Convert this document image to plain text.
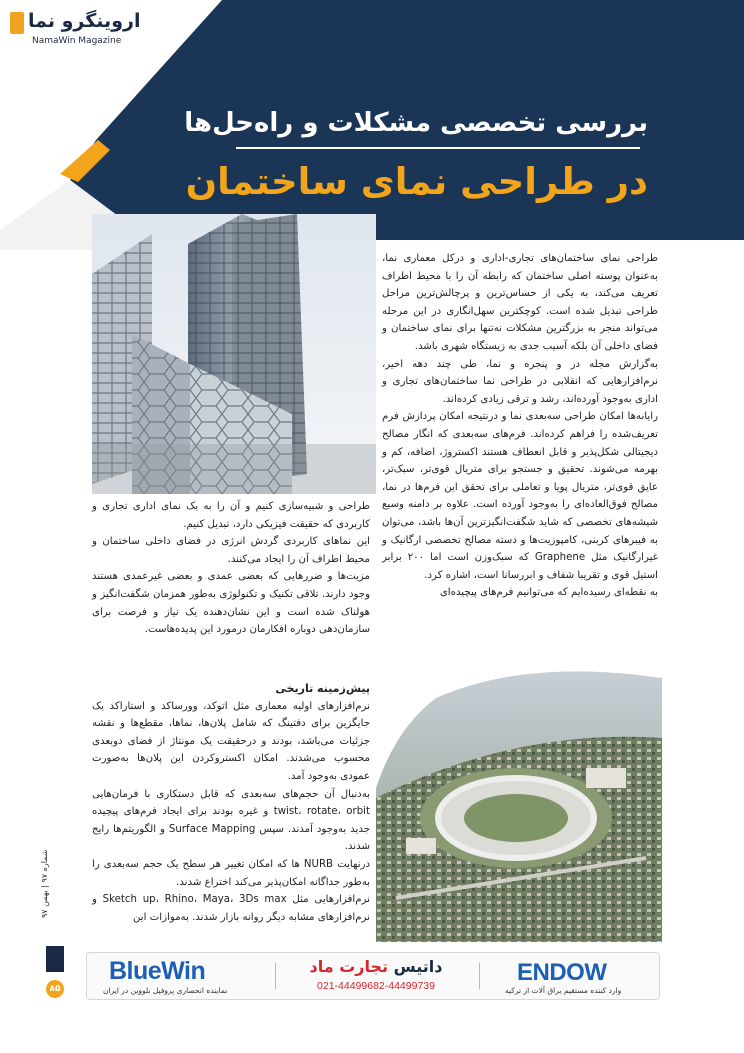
اروینگرو نما
NamaWin Magazine
بررسی تخصصی مشکلات و راه‌حل‌ها
در طراحی نمای ساختمان

طراحی نمای ساختمان‌های تجاری-اداری و درکل معماری نما، به‌عنوان پوسته اصلی ساختمان که رابطه آن را با محیط اطراف تعریف می‌کند، به یکی از حساس‌ترین و پرچالش‌ترین مراحل طراحی تبدیل شده است. کوچکترین سهل‌انگاری در این مرحله می‌تواند منجر به بزرگترین مشکلات نه‌تنها برای نمای ساختمان و فضای داخلی آن بلکه آسیب جدی به زیستگاه شهری باشد.

به‌گزارش مجله در و پنجره و نما، طی چند دهه اخیر، نرم‌افزارهایی که انقلابی در طراحی نما ساختمان‌های تجاری و اداری به‌وجود آورده‌اند، رشد و ترقی زیادی کرده‌اند.

رایانه‌ها امکان طراحی سه‌بعدی نما و درنتیجه امکان پردازش فرم تعریف‌شده را فراهم کرده‌اند. فرم‌های سه‌بعدی که انگار مصالح دیجیتالی شکل‌پذیر و قابل انعطاف هستند اکستروژ، اضافه، کم و بهرمه می‌شوند. تحقیق و جستجو برای متریال قوی‌تر، سبک‌تر، عایق قوی‌تر، متریال پویا و تعاملی برای تحقق این فرم‌ها در نما، مصالح فوق‌العاده‌ای را به‌وجود آورده است. علاوه بر دامنه وسیع شیشه‌های تخصصی که شاید شگفت‌انگیزترین آن‌ها باشد، می‌توان به فیبرهای کربنی، کامپوزیت‌ها و دسته مصالح تخصصی ارگانیک و غیرارگانیک مثل Graphene که سبک‌وزن است اما ۲۰۰ برابر استیل قوی و تقریبا شفاف و ابررسانا است، اشاره کرد.

به نقطه‌ای رسیده‌ایم که می‌توانیم فرم‌های پیچیده‌ای

طراحی و شبیه‌سازی کنیم و آن‌ را به یک نمای اداری تجاری و کاربردی که حقیقت فیزیکی دارد، تبدیل کنیم.

این نماهای کاربردی گردش انرژی در فضای داخلی ساختمان و محیط اطراف آن را ایجاد می‌کنند.

مزیت‌ها و ضررهایی که بعضی عمدی و بعضی غیرعمدی هستند وجود دارند. تلاقی تکنیک و تکنولوژی به‌طور همزمان شگفت‌انگیز و هولناک شده است و این نشان‌دهنده یک نیاز و فرصت برای سازمان‌دهی دوباره افکارمان درمورد این پدیده‌هاست.

پیش‌زمینه تاریخی

نرم‌افزارهای اولیه معماری مثل اتوکد، وورساکد و استاراکد یک جایگزین برای دفتینگ که شامل پلان‌ها، نماها، مقطع‌ها و نقشه‌ جزئیات می‌باشد، بودند و درحقیقت یک مونتاژ از فضای دوبعدی محسوب می‌شدند. امکان اکستروکردن این پلان‌ها به‌صورت عمودی به‌وجود آمد.

به‌دنبال آن حجم‌های سه‌بعدی که قابل دستکاری با فرمان‌هایی twist، rotate، orbit و غیره بودند برای ایجاد فرم‌های پیچیده جدید به‌وجود آمدند. سپس Surface Mapping و الگوریتم‌ها رایج شدند.

درنهایت NURB ها که امکان تغییر هر سطح یک حجم سه‌بعدی را به‌طور جداگانه امکان‌پذیر می‌کند اختراع شدند.

نرم‌افزارهایی مثل Sketch up، Rhino، Maya، 3Ds max و نرم‌افزارهای مشابه دیگر روانه بازار شدند. به‌موازات این

شماره ۹۷ | بهمن ۹۷
۸۵
BlueWin
نماینده انحصاری پروفیل بلووین در ایران
داتیس تجارت ماد
021-44499682-44499739	ENDOW
وارد کننده مستقیم یراق آلات از ترکیه
